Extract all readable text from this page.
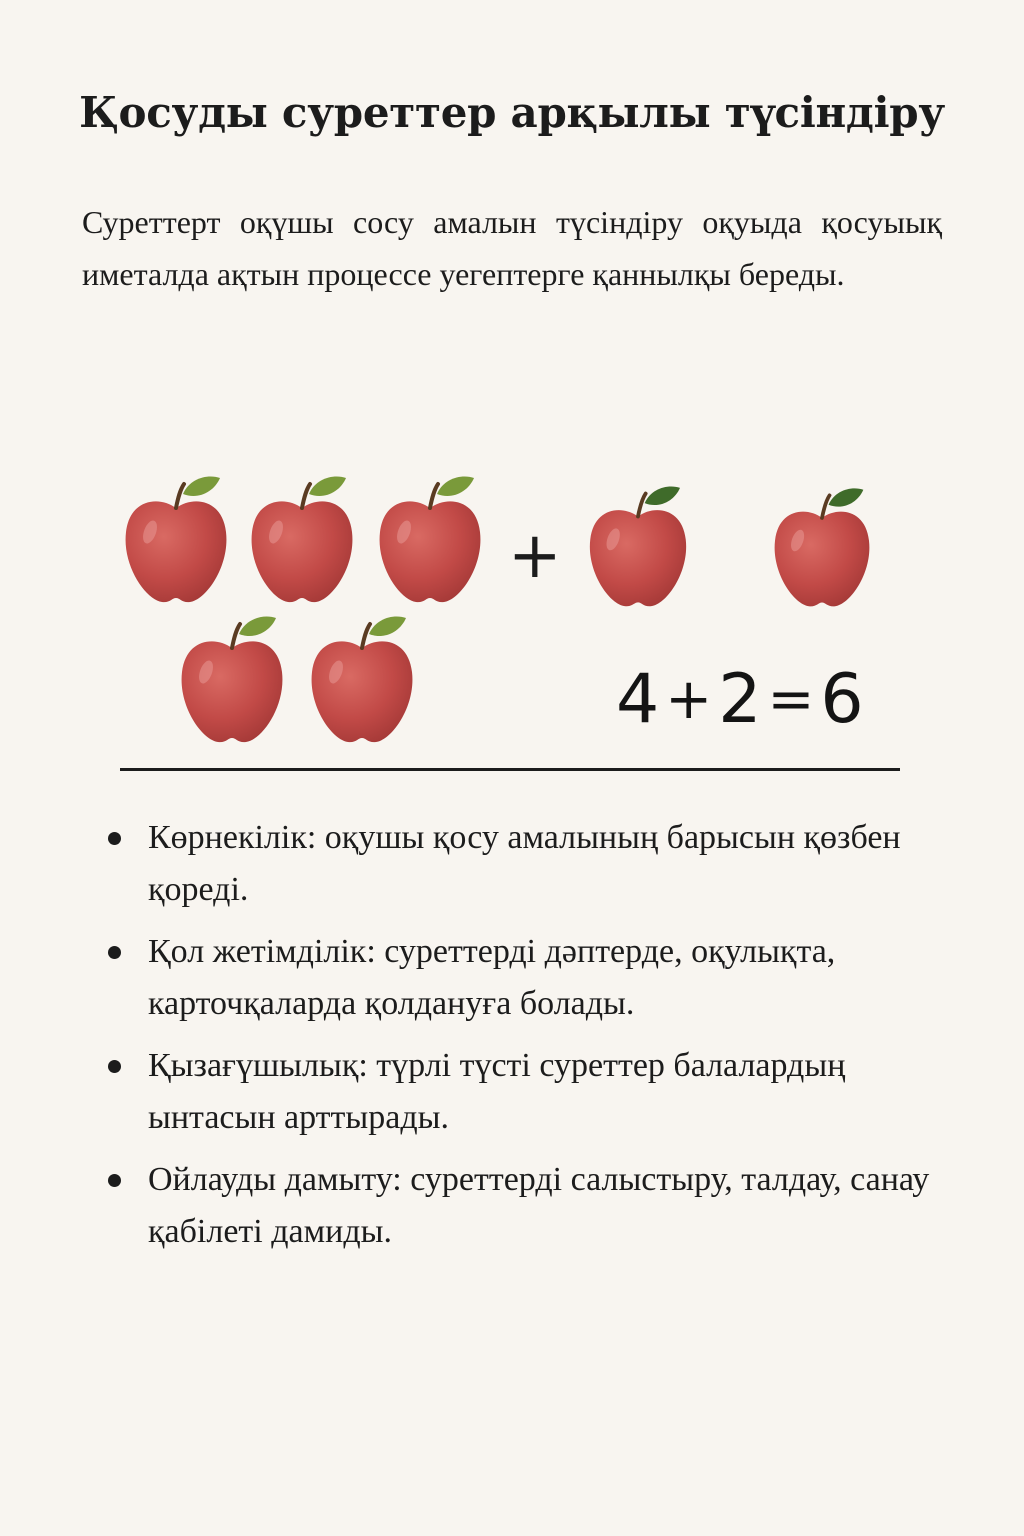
Қосуды суреттер арқылы түсіндіру

Суреттерт оқүшы сосу амалын түсіндіру оқуыда қосуыық иметалда ақтын процессе уегептерге қаннылқы береды.

+
4 + 2 = 6
Көрнекілік: оқушы қосу амалының барысын қөзбен қореді.
Қол жетімділік: суреттерді дәптерде, оқулықта, карточқаларда қолдануға болады.
Қызағүшылық: түрлі түсті суреттер балалардың ынтасын арттырады.
Ойлауды дамыту: суреттерді салыстыру, талдау, санау қабілеті дамиды.
